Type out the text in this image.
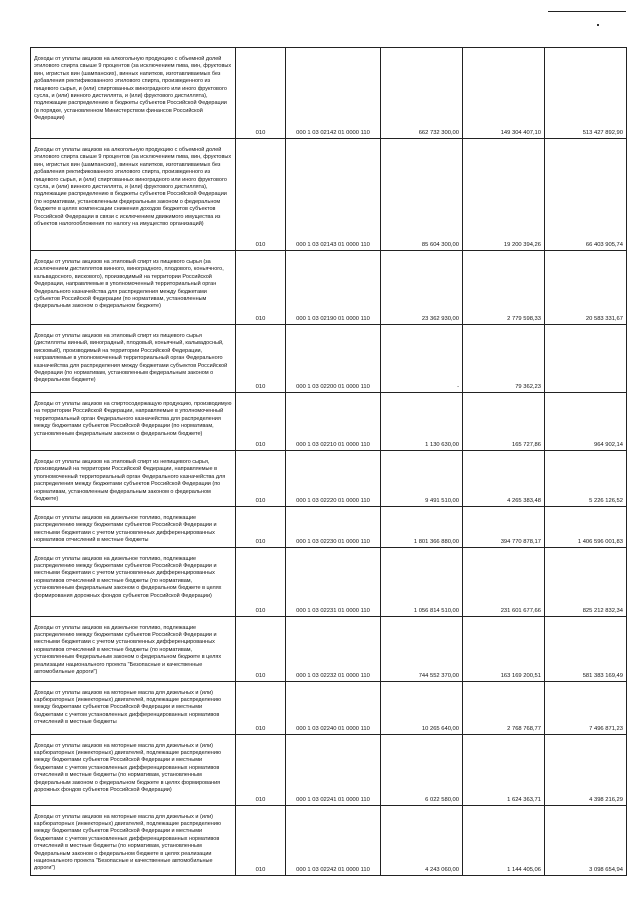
Доходы от уплаты акцизов на алкогольную продукцию с объемной долей этилового спирта свыше 9 процентов (за исключением пива, вин, фруктовых вин, игристых вин (шампанских), винных напитков, изготавливаемых без добавления ректификованного этилового спирта, произведенного из пищевого сырья, и (или) спиртованных виноградного или иного фруктового сусла, и (или) винного дистиллята, и (или) фруктового дистиллята), подлежащие распределению в бюджеты субъектов Российской Федерации (в порядке, установленном Министерством финансов Российской Федерации)	010	000 1 03 02142 01 0000 110	662 732 300,00	149 304 407,10	513 427 892,90
Доходы от уплаты акцизов на алкогольную продукцию с объемной долей этилового спирта свыше 9 процентов (за исключением пива, вин, фруктовых вин, игристых вин (шампанских), винных напитков, изготавливаемых без добавления ректификованного этилового спирта, произведенного из пищевого сырья, и (или) спиртованных виноградного или иного фруктового сусла, и (или) винного дистиллята, и (или) фруктового дистиллята), подлежащие распределению в бюджеты субъектов Российской Федерации (по нормативам, установленным федеральным законом о федеральном бюджете в целях компенсации снижения доходов бюджетов субъектов Российской Федерации в связи с исключением движимого имущества из объектов налогообложения по налогу на имущество организаций)	010	000 1 03 02143 01 0000 110	85 604 300,00	19 200 394,26	66 403 905,74
Доходы от уплаты акцизов на этиловый спирт из пищевого сырья (за исключением дистиллятов винного, виноградного, плодового, коньячного, кальвадосного, вискового), производимый на территории Российской Федерации, направляемые в уполномоченный территориальный орган Федерального казначейства для распределения между бюджетами субъектов Российской Федерации (по нормативам, установленным федеральным законом о федеральном бюджете)	010	000 1 03 02190 01 0000 110	23 362 930,00	2 779 598,33	20 583 331,67
Доходы от уплаты акцизов на этиловый спирт из пищевого сырья (дистилляты винный, виноградный, плодовый, коньячный, кальвадосный, висковый), производимый на территории Российской Федерации, направляемые в уполномоченный территориальный орган Федерального казначейства для распределения между бюджетами субъектов Российской Федерации (по нормативам, установленным федеральным законом о федеральном бюджете)	010	000 1 03 02200 01 0000 110	-	79 362,23	
Доходы от уплаты акцизов на спиртосодержащую продукцию, производимую на территории Российской Федерации, направляемые в уполномоченный территориальный орган Федерального казначейства для распределения между бюджетами субъектов Российской Федерации (по нормативам, установленным федеральным законом о федеральном бюджете)	010	000 1 03 02210 01 0000 110	1 130 630,00	165 727,86	964 902,14
Доходы от уплаты акцизов на этиловый спирт из непищевого сырья, производимый на территории Российской Федерации, направляемые в уполномоченный территориальный орган Федерального казначейства для распределения между бюджетами субъектов Российской Федерации (по нормативам, установленным федеральным законом о федеральном бюджете)	010	000 1 03 02220 01 0000 110	9 491 510,00	4 265 383,48	5 226 126,52
Доходы от уплаты акцизов на дизельное топливо, подлежащие распределению между бюджетами субъектов Российской Федерации и местными бюджетами с учетом установленных дифференцированных нормативов отчислений в местные бюджеты	010	000 1 03 02230 01 0000 110	1 801 366 880,00	394 770 878,17	1 406 596 001,83
Доходы от уплаты акцизов на дизельное топливо, подлежащие распределению между бюджетами субъектов Российской Федерации и местными бюджетами с учетом установленных дифференцированных нормативов отчислений в местные бюджеты (по нормативам, установленным федеральным законом о федеральном бюджете в целях формирования дорожных фондов субъектов Российской Федерации)	010	000 1 03 02231 01 0000 110	1 056 814 510,00	231 601 677,66	825 212 832,34
Доходы от уплаты акцизов на дизельное топливо, подлежащие распределению между бюджетами субъектов Российской Федерации и местными бюджетами с учетом установленных дифференцированных нормативов отчислений в местные бюджеты (по нормативам, установленным Федеральным законом о федеральном бюджете в целях реализации национального проекта "Безопасные и качественные автомобильные дороги")	010	000 1 03 02232 01 0000 110	744 552 370,00	163 169 200,51	581 383 169,49
Доходы от уплаты акцизов на моторные масла для дизельных и (или) карбюраторных (инжекторных) двигателей, подлежащие распределению между бюджетами субъектов Российской Федерации и местными бюджетами с учетом установленных дифференцированных нормативов отчислений в местные бюджеты	010	000 1 03 02240 01 0000 110	10 265 640,00	2 768 768,77	7 496 871,23
Доходы от уплаты акцизов на моторные масла для дизельных и (или) карбюраторных (инжекторных) двигателей, подлежащие распределению между бюджетами субъектов Российской Федерации и местными бюджетами с учетом установленных дифференцированных нормативов отчислений в местные бюджеты (по нормативам, установленным федеральным законом о федеральном бюджете в целях формирования дорожных фондов субъектов Российской Федерации)	010	000 1 03 02241 01 0000 110	6 022 580,00	1 624 363,71	4 398 216,29
Доходы от уплаты акцизов на моторные масла для дизельных и (или) карбюраторных (инжекторных) двигателей, подлежащие распределению между бюджетами субъектов Российской Федерации и местными бюджетами с учетом установленных дифференцированных нормативов отчислений в местные бюджеты (по нормативам, установленным Федеральным законом о федеральном бюджете в целях реализации национального проекта "Безопасные и качественные автомобильные дороги")	010	000 1 03 02242 01 0000 110	4 243 060,00	1 144 405,06	3 098 654,94
